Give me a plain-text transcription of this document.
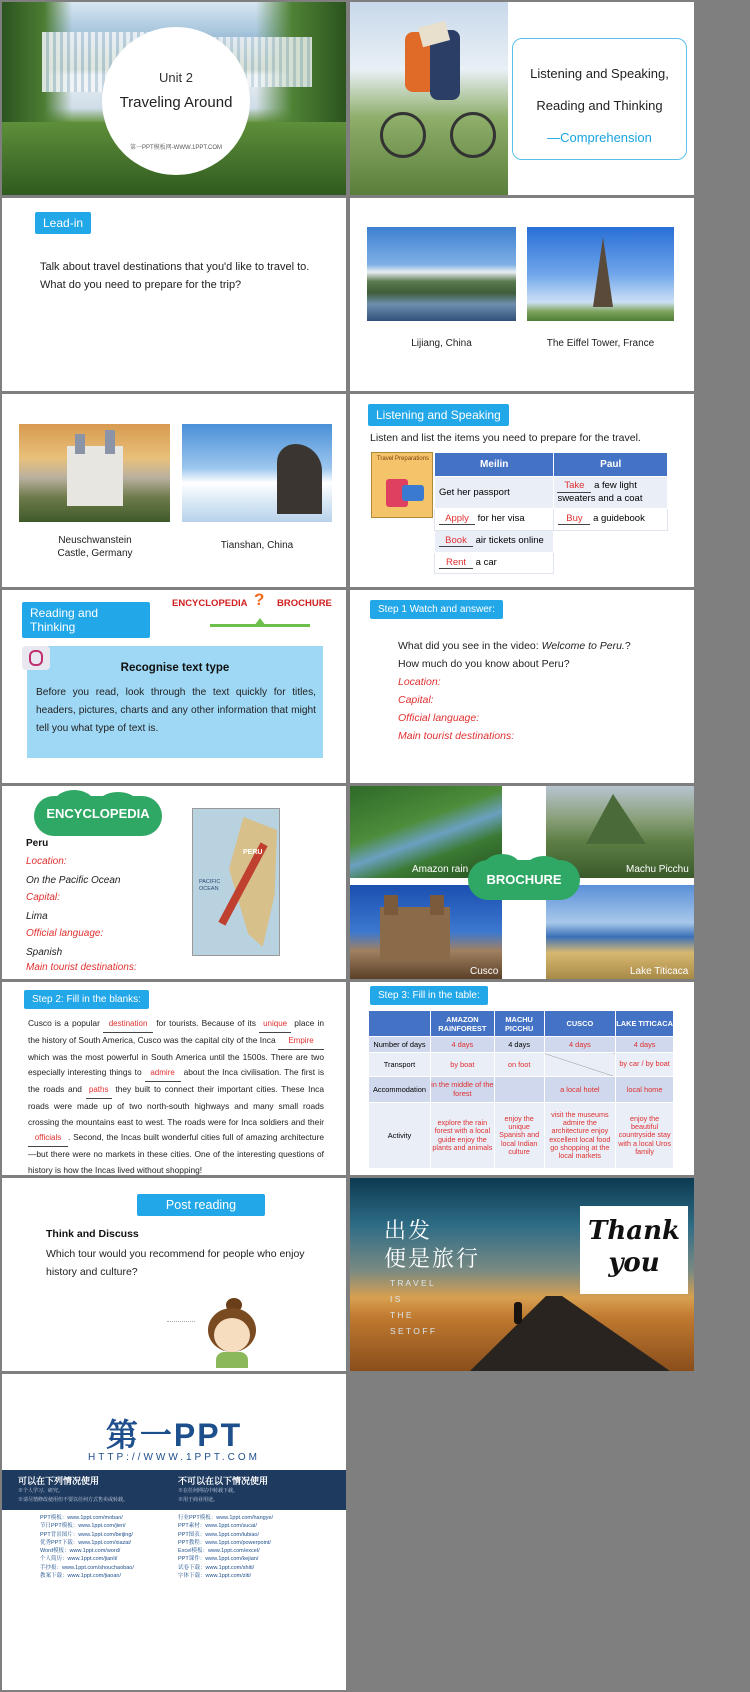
Unit 2
Traveling Around
第一PPT模板网-WWW.1PPT.COM
Listening and Speaking,
Reading and Thinking
—Comprehension
Lead-in
Talk about travel destinations that you'd like to travel to.
What do you need to prepare for the trip?
Lijiang, China	The Eiffel Tower, France
Neuschwanstein Castle, Germany
Tianshan, China
Listening and Speaking
Listen and list the items you need to prepare for the travel.
Travel Preparations	Meilin	Paul
Get her passport	Take a few light sweaters and a coat
Apply for her visa	Buy a guidebook
Book air tickets online	
Rent a car	
Reading and Thinking
ENCYCLOPEDIA ? BROCHURE
Recognise text type
Before you read, look through the text quickly for titles, headers, pictures, charts and any other information that might tell you what type of text is.
Step 1 Watch and answer:
What did you see in the video: Welcome to Peru.?
How much do you know about Peru?
Location:
Capital:
Official language:
Main tourist destinations:
ENCYCLOPEDIA
Peru
Location:
On the Pacific Ocean
Capital:
Lima
Official language:
Spanish
Main tourist destinations:
PACIFIC OCEAN
PERU
Amazon rain	Machu Picchu
Cusco	Lake Titicaca
BROCHURE
Step 2: Fill in the blanks:
Cusco is a popular destination for tourists. Because of its unique place in the history of South America, Cusco was the capital city of the Inca Empire which was the most powerful in South America until the 1500s. There are two especially interesting things to admire about the Inca civilisation. The first is the roads and paths they built to connect their important cities. These Inca roads were made up of two north-south highways and many small roads crossing the mountains east to west. The roads were for Inca soldiers and their officials . Second, the Incas built wonderful cities full of amazing architecture—but there were no markets in these cities. One of the interesting questions of history is how the Incas lived without shopping!
Step 3: Fill in the table:
	AMAZON RAINFOREST	MACHU PICCHU	CUSCO	LAKE TITICACA
Number of days	4 days	4 days	4 days	4 days
Transport	by boat	on foot		by car / by boat
Accommodation	in the middle of the forest		a local hotel	local home
Activity	explore the rain forest with a local guide enjoy the plants and animals	enjoy the unique Spanish and local Indian culture	visit the museums admire the architecture enjoy excellent local food go shopping at the local markets	enjoy the beautiful countryside stay with a local Uros family
Post reading
Think and Discuss
Which tour would you recommend for people who enjoy history and culture?
出发
便是旅行
T R A V E L
I S
T H E
S E T O F F
Thank
you
第一PPT
HTTP://WWW.1PPT.COM
可以在下列情况使用	不可以在以下情况使用
※个人学习、研究。
※请尽情修改使用但不要以任何方式售卖或转载。
※在任何网站中转载下载。
※用于商业用途。
PPT模板：www.1ppt.com/moban/
节日PPT模板：www.1ppt.com/jieri/
PPT背景图片：www.1ppt.com/beijing/
优秀PPT下载：www.1ppt.com/xiazai/
Word模板：www.1ppt.com/word/
个人简历：www.1ppt.com/jianli/
手抄报：www.1ppt.com/shouchaobao/
教案下载：www.1ppt.com/jiaoan/
行业PPT模板：www.1ppt.com/hangye/
PPT素材：www.1ppt.com/sucai/
PPT图表：www.1ppt.com/tubiao/
PPT教程：www.1ppt.com/powerpoint/
Excel模板：www.1ppt.com/excel/
PPT课件：www.1ppt.com/kejian/
试卷下载：www.1ppt.com/shiti/
字体下载：www.1ppt.com/ziti/
